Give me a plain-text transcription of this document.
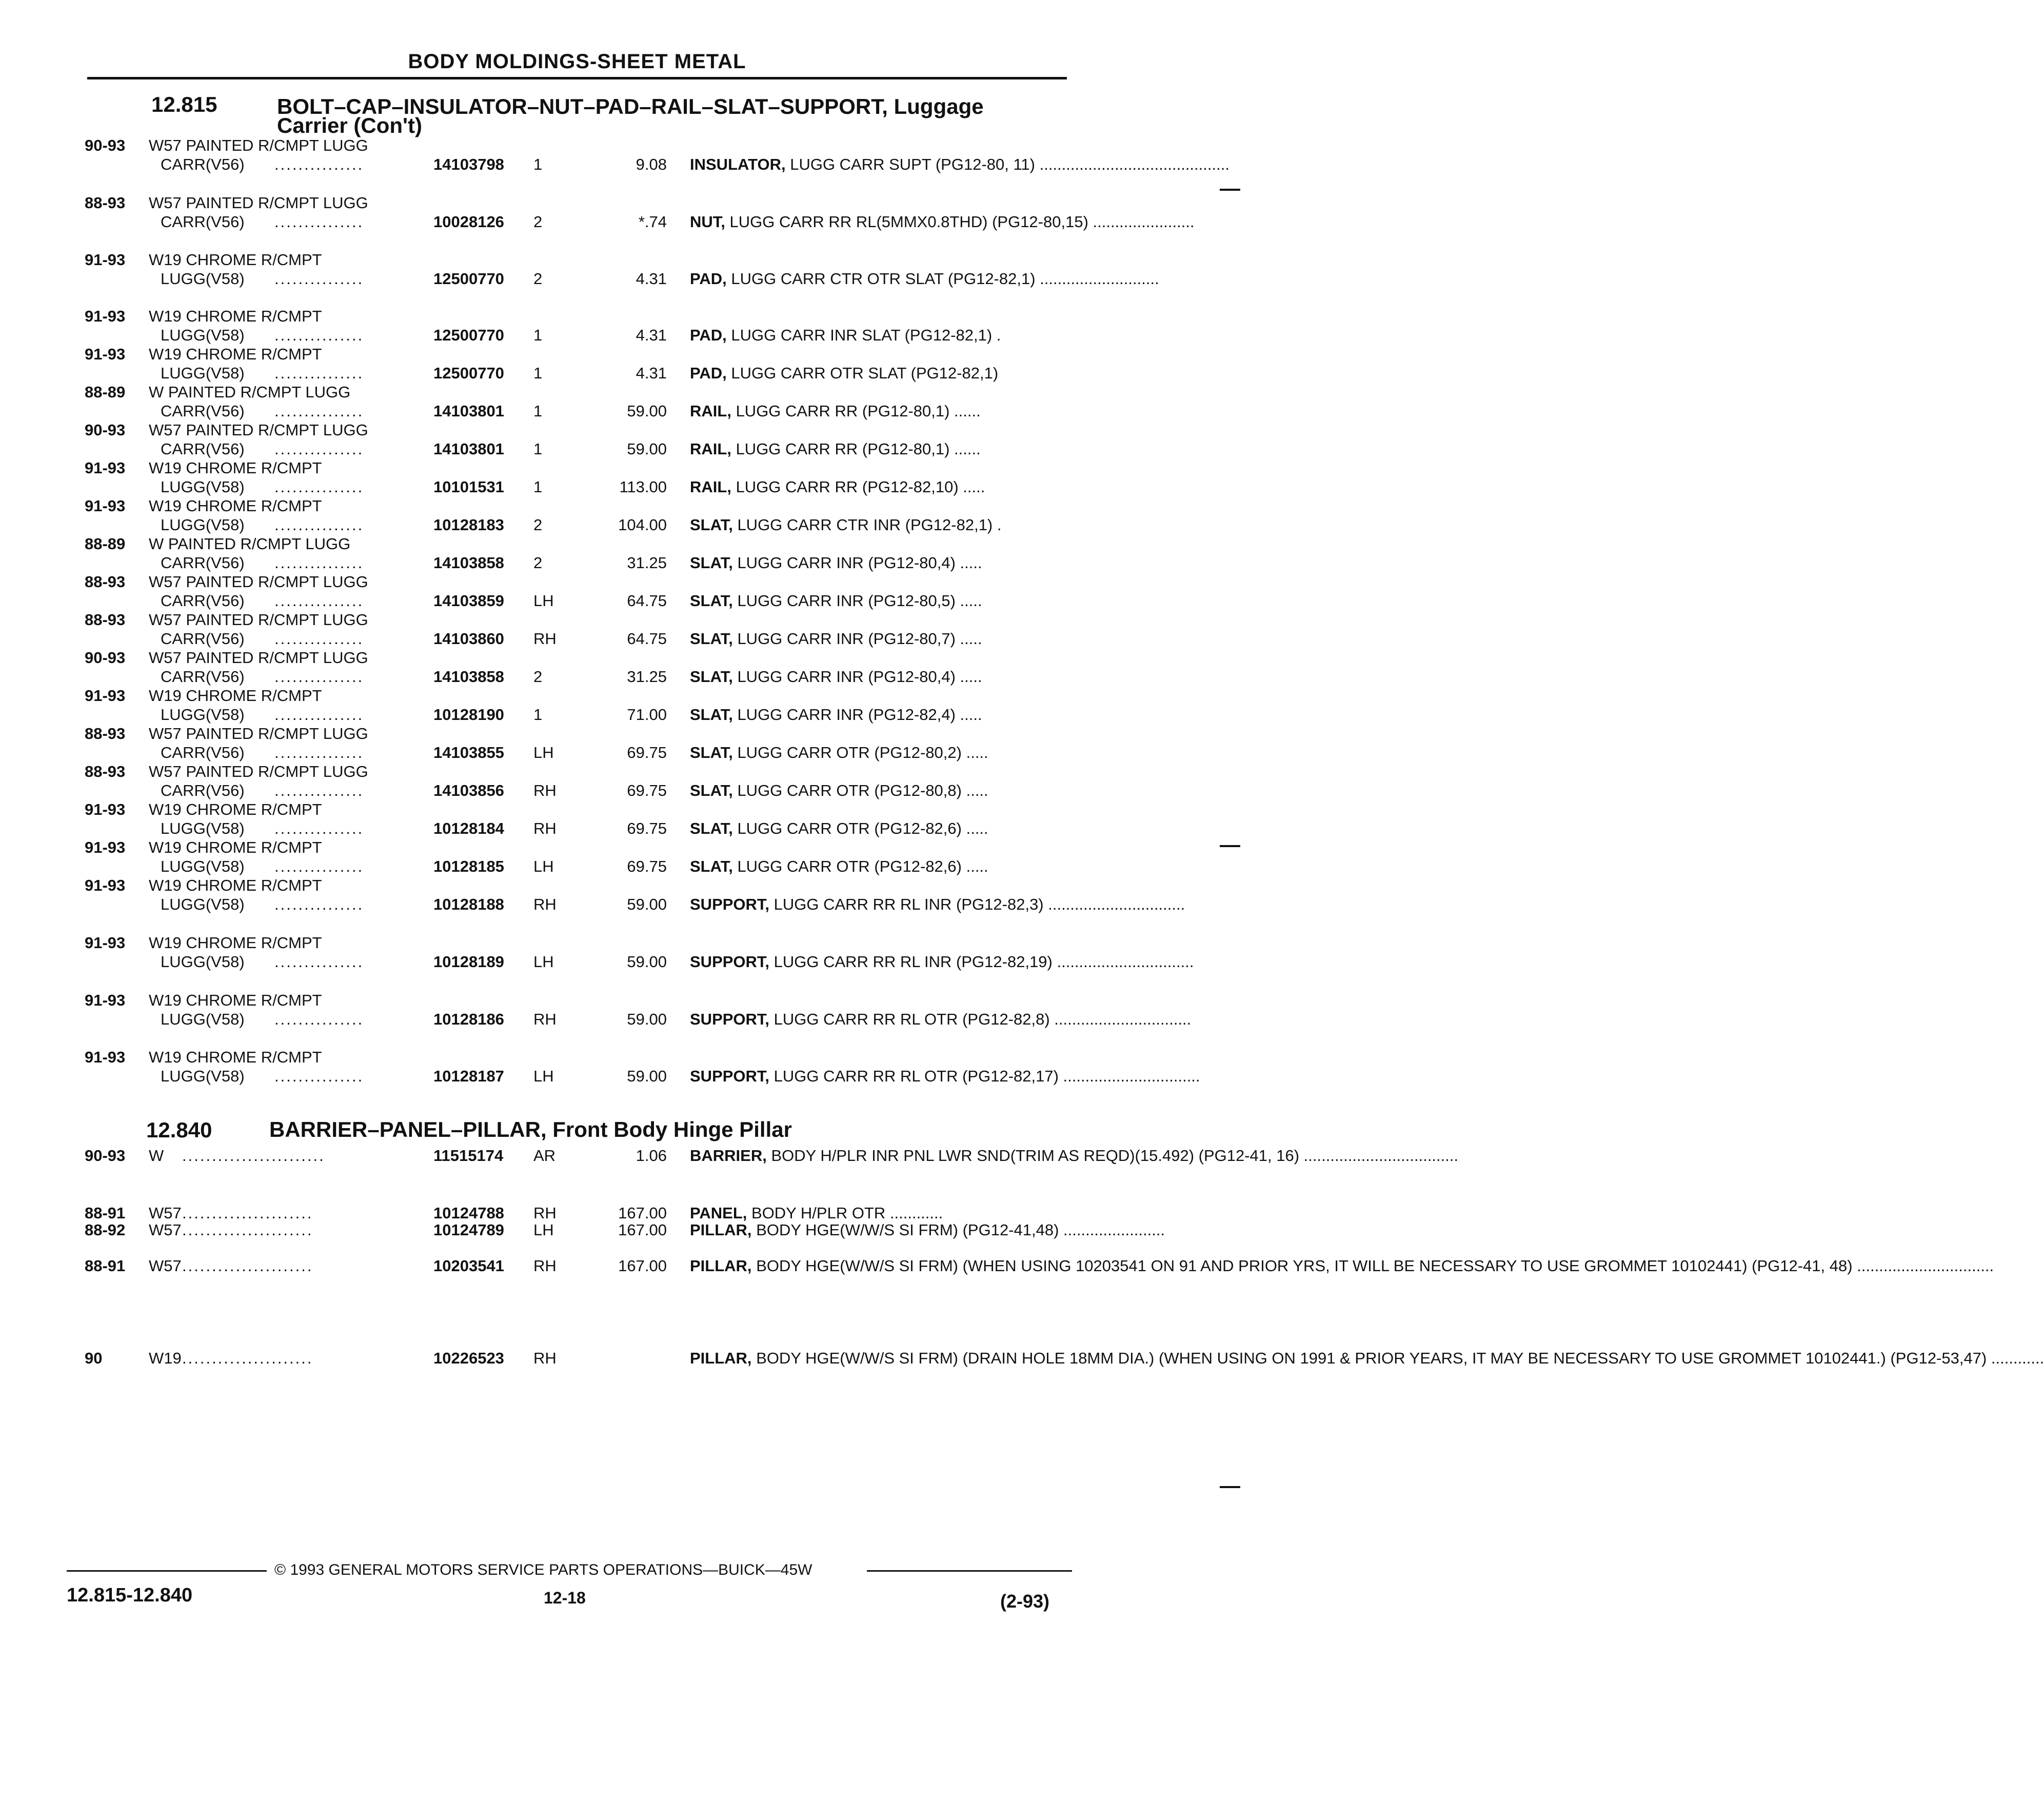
BODY MOLDINGS-SHEET METAL
12.815	BOLT–CAP–INSULATOR–NUT–PAD–RAIL–SLAT–SUPPORT, Luggage
Carrier (Con't)
90-93 W57 PAINTED R/CMPT LUGG
CARR(V56) ...............	14103798 1	9.08 INSULATOR, LUGG CARR SUPT (PG12-80, 11) ...........................................
88-93 W57 PAINTED R/CMPT LUGG
CARR(V56) ...............	10028126 2	*.74 NUT, LUGG CARR RR RL(5MMX0.8THD) (PG12-80,15) .......................
91-93 W19 CHROME R/CMPT
LUGG(V58) ...............	12500770 2	4.31 PAD, LUGG CARR CTR OTR SLAT (PG12-82,1) ...........................
91-93 W19 CHROME R/CMPT
LUGG(V58) ...............	12500770 1	4.31 PAD, LUGG CARR INR SLAT (PG12-82,1) .
91-93 W19 CHROME R/CMPT
LUGG(V58) ...............	12500770 1	4.31 PAD, LUGG CARR OTR SLAT (PG12-82,1)
88-89 W PAINTED R/CMPT LUGG
CARR(V56) ...............	14103801 1	59.00 RAIL, LUGG CARR RR (PG12-80,1) ......
90-93 W57 PAINTED R/CMPT LUGG
CARR(V56) ...............	14103801 1	59.00 RAIL, LUGG CARR RR (PG12-80,1) ......
91-93 W19 CHROME R/CMPT
LUGG(V58) ...............	10101531 1	113.00 RAIL, LUGG CARR RR (PG12-82,10) .....
91-93 W19 CHROME R/CMPT
LUGG(V58) ...............	10128183 2	104.00 SLAT, LUGG CARR CTR INR (PG12-82,1) .
88-89 W PAINTED R/CMPT LUGG
CARR(V56) ...............	14103858 2	31.25 SLAT, LUGG CARR INR (PG12-80,4) .....
88-93 W57 PAINTED R/CMPT LUGG
CARR(V56) ...............	14103859 LH	64.75 SLAT, LUGG CARR INR (PG12-80,5) .....
88-93 W57 PAINTED R/CMPT LUGG
CARR(V56) ...............	14103860 RH	64.75 SLAT, LUGG CARR INR (PG12-80,7) .....
90-93 W57 PAINTED R/CMPT LUGG
CARR(V56) ...............	14103858 2	31.25 SLAT, LUGG CARR INR (PG12-80,4) .....
91-93 W19 CHROME R/CMPT
LUGG(V58) ...............	10128190 1	71.00 SLAT, LUGG CARR INR (PG12-82,4) .....
88-93 W57 PAINTED R/CMPT LUGG
CARR(V56) ...............	14103855 LH	69.75 SLAT, LUGG CARR OTR (PG12-80,2) .....
88-93 W57 PAINTED R/CMPT LUGG
CARR(V56) ...............	14103856 RH	69.75 SLAT, LUGG CARR OTR (PG12-80,8) .....
91-93 W19 CHROME R/CMPT
LUGG(V58) ...............	10128184 RH	69.75 SLAT, LUGG CARR OTR (PG12-82,6) .....
91-93 W19 CHROME R/CMPT
LUGG(V58) ...............	10128185 LH	69.75 SLAT, LUGG CARR OTR (PG12-82,6) .....
91-93 W19 CHROME R/CMPT
LUGG(V58) ...............	10128188 RH	59.00 SUPPORT, LUGG CARR RR RL INR (PG12-82,3) ...............................
91-93 W19 CHROME R/CMPT
LUGG(V58) ...............	10128189 LH	59.00 SUPPORT, LUGG CARR RR RL INR (PG12-82,19) ...............................
91-93 W19 CHROME R/CMPT
LUGG(V58) ...............	10128186 RH	59.00 SUPPORT, LUGG CARR RR RL OTR (PG12-82,8) ...............................
91-93 W19 CHROME R/CMPT
LUGG(V58) ...............	10128187 LH	59.00 SUPPORT, LUGG CARR RR RL OTR (PG12-82,17) ...............................
12.840	BARRIER–PANEL–PILLAR, Front Body Hinge Pillar
90-93 W ........................	11515174 AR	1.06 BARRIER, BODY H/PLR INR PNL LWR SND(TRIM AS REQD)(15.492) (PG12-41, 16) ...................................
88-91 W57 ......................	10124788 RH	167.00 PANEL, BODY H/PLR OTR ............
88-92 W57 ......................	10124789 LH	167.00 PILLAR, BODY HGE(W/W/S SI FRM) (PG12-41,48) .......................
88-91 W57 ......................	10203541 RH	167.00 PILLAR, BODY HGE(W/W/S SI FRM) (WHEN USING 10203541 ON 91 AND PRIOR YRS, IT WILL BE NECESSARY TO USE GROMMET 10102441) (PG12-41, 48) ...............................
90	W19 ......................	10226523 RH	PILLAR, BODY HGE(W/W/S SI FRM) (DRAIN HOLE 18MM DIA.) (WHEN USING ON 1991 & PRIOR YEARS, IT MAY BE NECESSARY TO USE GROMMET 10102441.) (PG12-53,47) ............
© 1993 GENERAL MOTORS SERVICE PARTS OPERATIONS—BUICK—45W
12.815-12.840	12-18	(2-93)
